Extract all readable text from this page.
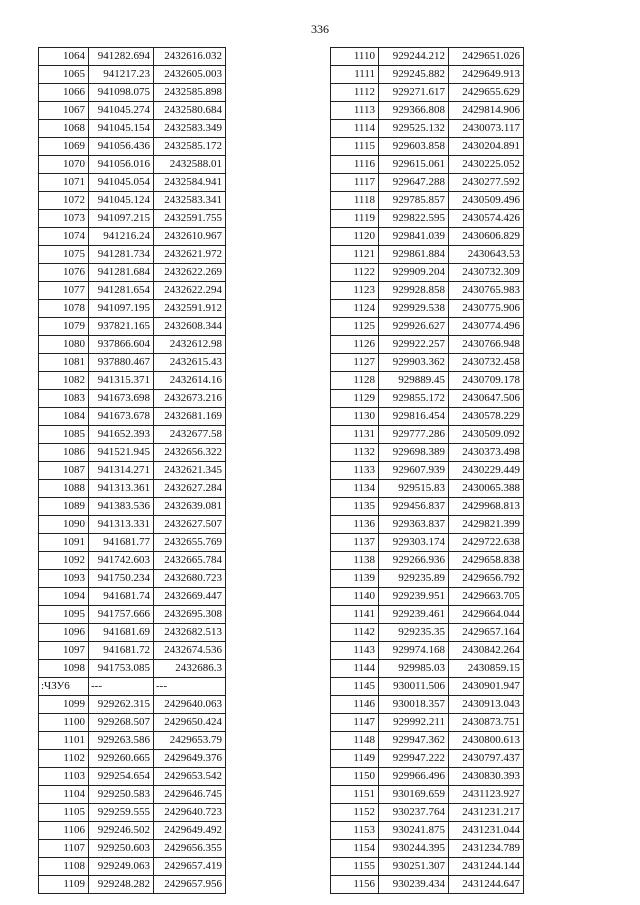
336
1064	941282.694	2432616.032
1065	941217.23	2432605.003
1066	941098.075	2432585.898
1067	941045.274	2432580.684
1068	941045.154	2432583.349
1069	941056.436	2432585.172
1070	941056.016	2432588.01
1071	941045.054	2432584.941
1072	941045.124	2432583.341
1073	941097.215	2432591.755
1074	941216.24	2432610.967
1075	941281.734	2432621.972
1076	941281.684	2432622.269
1077	941281.654	2432622.294
1078	941097.195	2432591.912
1079	937821.165	2432608.344
1080	937866.604	2432612.98
1081	937880.467	2432615.43
1082	941315.371	2432614.16
1083	941673.698	2432673.216
1084	941673.678	2432681.169
1085	941652.393	2432677.58
1086	941521.945	2432656.322
1087	941314.271	2432621.345
1088	941313.361	2432627.284
1089	941383.536	2432639.081
1090	941313.331	2432627.507
1091	941681.77	2432655.769
1092	941742.603	2432665.784
1093	941750.234	2432680.723
1094	941681.74	2432669.447
1095	941757.666	2432695.308
1096	941681.69	2432682.513
1097	941681.72	2432674.536
1098	941753.085	2432686.3
:ЧЗУ6	---	---
1099	929262.315	2429640.063
1100	929268.507	2429650.424
1101	929263.586	2429653.79
1102	929260.665	2429649.376
1103	929254.654	2429653.542
1104	929250.583	2429646.745
1105	929259.555	2429640.723
1106	929246.502	2429649.492
1107	929250.603	2429656.355
1108	929249.063	2429657.419
1109	929248.282	2429657.956
1110	929244.212	2429651.026
1111	929245.882	2429649.913
1112	929271.617	2429655.629
1113	929366.808	2429814.906
1114	929525.132	2430073.117
1115	929603.858	2430204.891
1116	929615.061	2430225.052
1117	929647.288	2430277.592
1118	929785.857	2430509.496
1119	929822.595	2430574.426
1120	929841.039	2430606.829
1121	929861.884	2430643.53
1122	929909.204	2430732.309
1123	929928.858	2430765.983
1124	929929.538	2430775.906
1125	929926.627	2430774.496
1126	929922.257	2430766.948
1127	929903.362	2430732.458
1128	929889.45	2430709.178
1129	929855.172	2430647.506
1130	929816.454	2430578.229
1131	929777.286	2430509.092
1132	929698.389	2430373.498
1133	929607.939	2430229.449
1134	929515.83	2430065.388
1135	929456.837	2429968.813
1136	929363.837	2429821.399
1137	929303.174	2429722.638
1138	929266.936	2429658.838
1139	929235.89	2429656.792
1140	929239.951	2429663.705
1141	929239.461	2429664.044
1142	929235.35	2429657.164
1143	929974.168	2430842.264
1144	929985.03	2430859.15
1145	930011.506	2430901.947
1146	930018.357	2430913.043
1147	929992.211	2430873.751
1148	929947.362	2430800.613
1149	929947.222	2430797.437
1150	929966.496	2430830.393
1151	930169.659	2431123.927
1152	930237.764	2431231.217
1153	930241.875	2431231.044
1154	930244.395	2431234.789
1155	930251.307	2431244.144
1156	930239.434	2431244.647
